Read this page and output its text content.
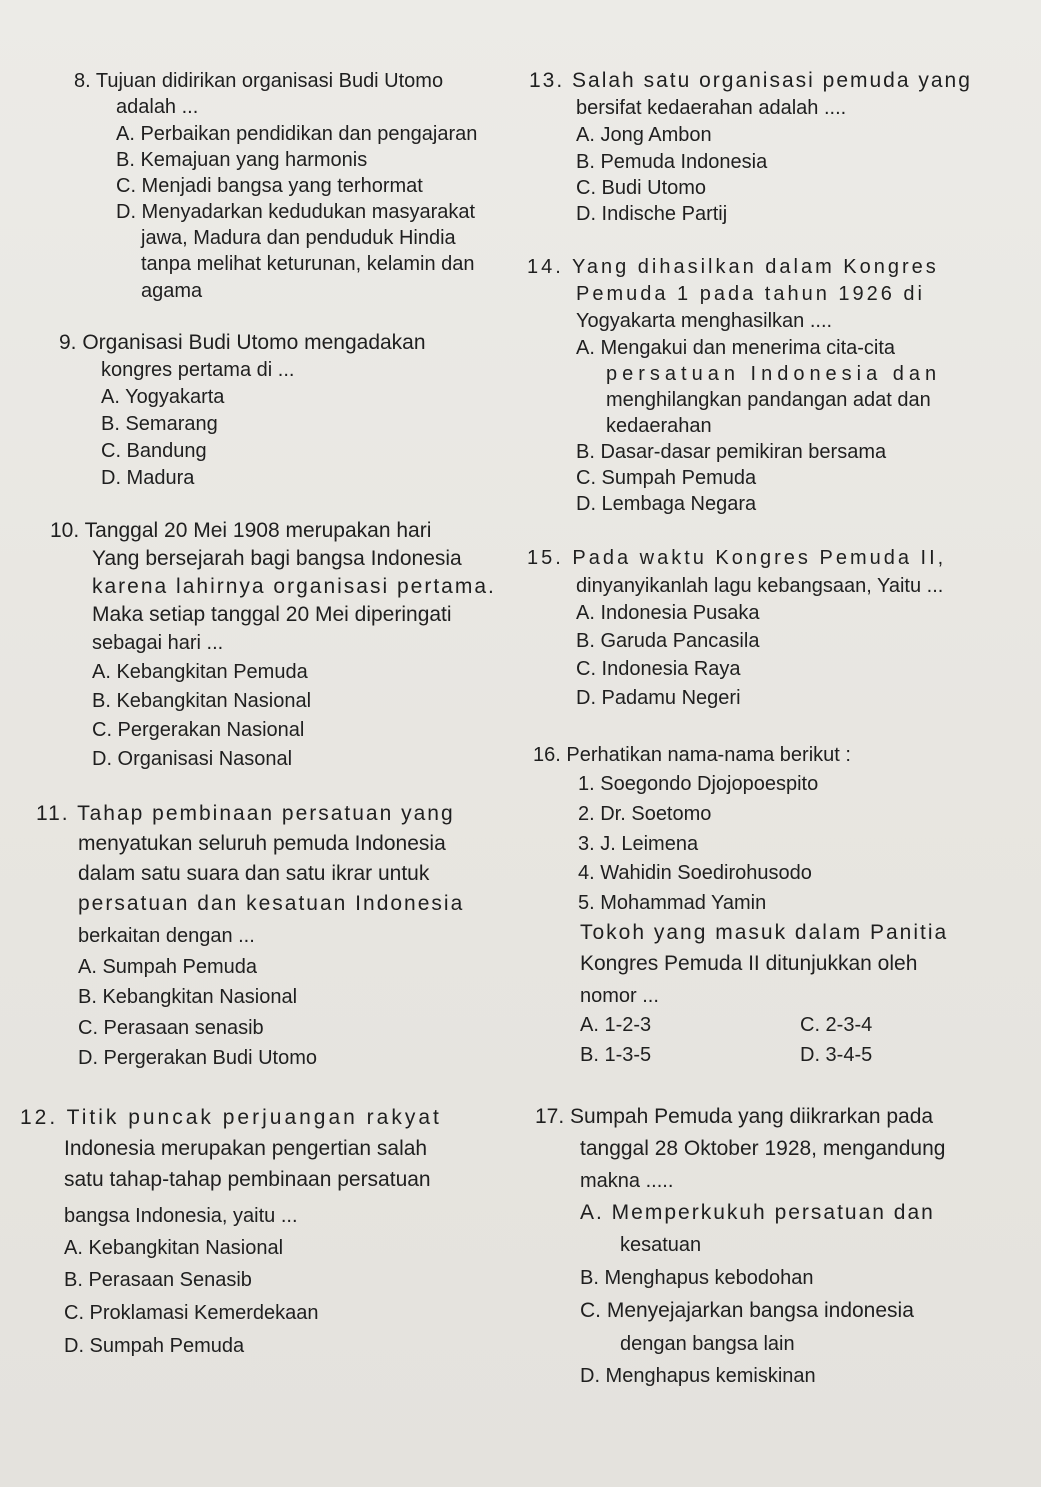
8. Tujuan didirikan organisasi Budi Utomo
adalah ...
A. Perbaikan pendidikan dan pengajaran
B. Kemajuan yang harmonis
C. Menjadi bangsa yang terhormat
D. Menyadarkan kedudukan masyarakat
jawa, Madura dan penduduk Hindia
tanpa melihat keturunan, kelamin dan
agama
9. Organisasi Budi Utomo mengadakan
kongres pertama di ...
A. Yogyakarta
B. Semarang
C. Bandung
D. Madura
10. Tanggal 20 Mei 1908 merupakan hari
Yang bersejarah bagi bangsa Indonesia
karena lahirnya organisasi pertama.
Maka setiap tanggal 20 Mei diperingati
sebagai hari ...
A. Kebangkitan Pemuda
B. Kebangkitan Nasional
C. Pergerakan Nasional
D. Organisasi Nasonal
11. Tahap pembinaan persatuan yang
menyatukan seluruh pemuda Indonesia
dalam satu suara dan satu ikrar untuk
persatuan dan kesatuan Indonesia
berkaitan dengan ...
A. Sumpah Pemuda
B. Kebangkitan Nasional
C. Perasaan senasib
D. Pergerakan Budi Utomo
12. Titik puncak perjuangan rakyat
Indonesia merupakan pengertian salah
satu tahap-tahap pembinaan persatuan
bangsa Indonesia, yaitu ...
A. Kebangkitan Nasional
B. Perasaan Senasib
C. Proklamasi Kemerdekaan
D. Sumpah Pemuda
13. Salah satu organisasi pemuda yang
bersifat kedaerahan adalah ....
A. Jong Ambon
B. Pemuda Indonesia
C. Budi Utomo
D. Indische Partij
14. Yang dihasilkan dalam Kongres
Pemuda 1 pada tahun 1926 di
Yogyakarta menghasilkan ....
A. Mengakui dan menerima cita-cita
persatuan Indonesia dan
menghilangkan pandangan adat dan
kedaerahan
B. Dasar-dasar pemikiran bersama
C. Sumpah Pemuda
D. Lembaga Negara
15. Pada waktu Kongres Pemuda II,
dinyanyikanlah lagu kebangsaan, Yaitu ...
A. Indonesia Pusaka
B. Garuda Pancasila
C. Indonesia Raya
D. Padamu Negeri
16. Perhatikan nama-nama berikut :
1. Soegondo Djojopoespito
2. Dr. Soetomo
3. J. Leimena
4. Wahidin Soedirohusodo
5. Mohammad Yamin
Tokoh yang masuk dalam Panitia
Kongres Pemuda II ditunjukkan oleh
nomor ...
A. 1-2-3
B. 1-3-5
C. 2-3-4
D. 3-4-5
17. Sumpah Pemuda yang diikrarkan pada
tanggal 28 Oktober 1928, mengandung
makna .....
A. Memperkukuh persatuan dan
kesatuan
B. Menghapus kebodohan
C. Menyejajarkan bangsa indonesia
dengan bangsa lain
D. Menghapus kemiskinan
